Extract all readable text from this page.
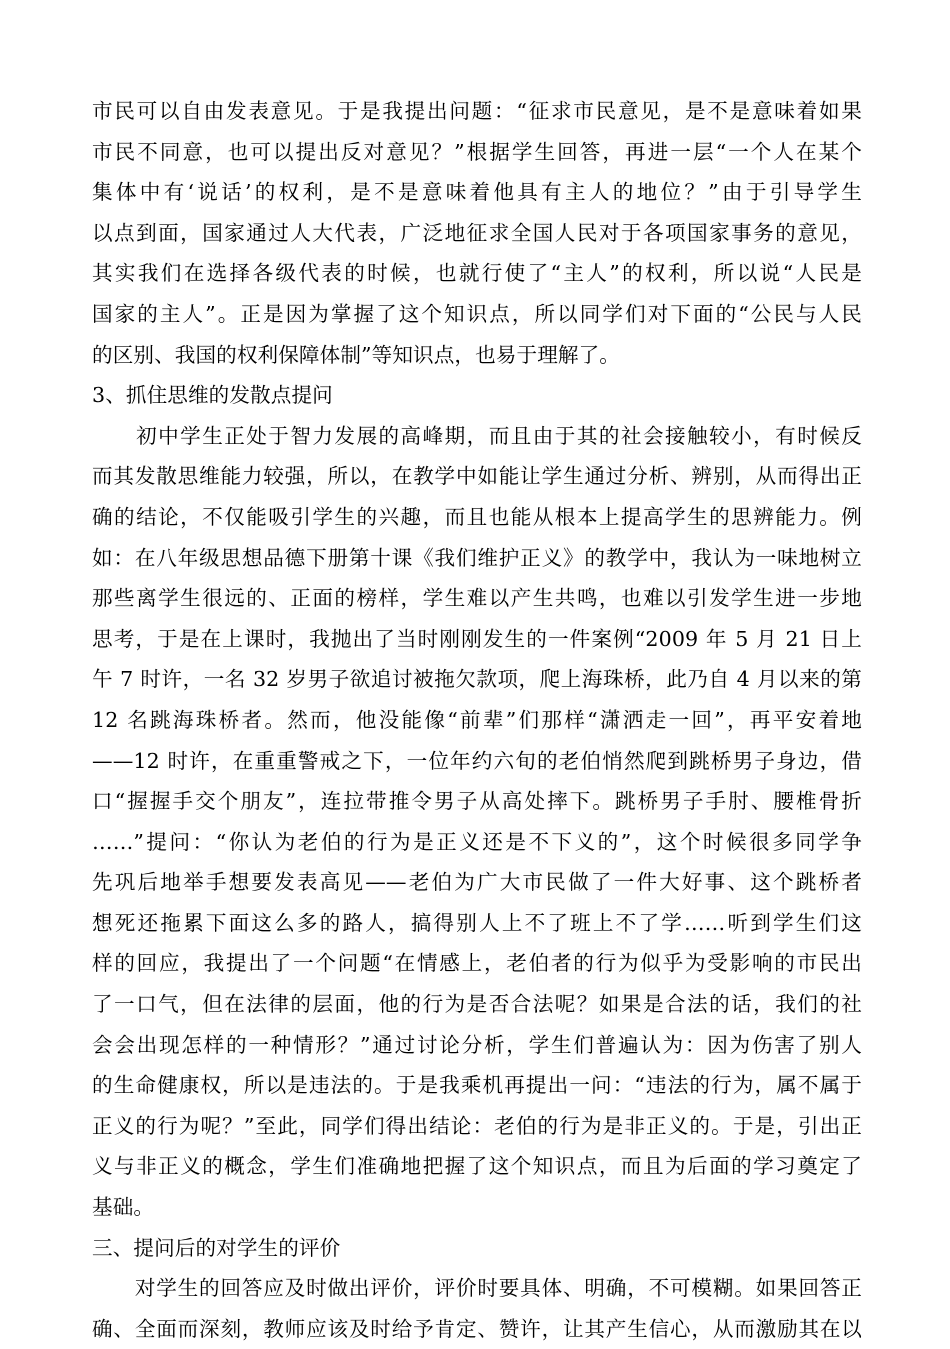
市民可以自由发表意见。于是我提出问题：“征求市民意见，是不是意味着如果
市民不同意，也可以提出反对意见？”根据学生回答，再进一层“一个人在某个
集体中有‘说话’的权利，是不是意味着他具有主人的地位？”由于引导学生
以点到面，国家通过人大代表，广泛地征求全国人民对于各项国家事务的意见，
其实我们在选择各级代表的时候，也就行使了“主人”的权利，所以说“人民是
国家的主人”。正是因为掌握了这个知识点，所以同学们对下面的“公民与人民
的区别、我国的权利保障体制”等知识点，也易于理解了。
3、抓住思维的发散点提问
　　初中学生正处于智力发展的高峰期，而且由于其的社会接触较小，有时候反
而其发散思维能力较强，所以，在教学中如能让学生通过分析、辨别，从而得出正
确的结论，不仅能吸引学生的兴趣，而且也能从根本上提高学生的思辨能力。例
如：在八年级思想品德下册第十课《我们维护正义》的教学中，我认为一味地树立
那些离学生很远的、正面的榜样，学生难以产生共鸣，也难以引发学生进一步地
思考，于是在上课时，我抛出了当时刚刚发生的一件案例“2009 年 5 月 21 日上
午 7 时许，一名 32 岁男子欲追讨被拖欠款项，爬上海珠桥，此乃自 4 月以来的第
12 名跳海珠桥者。然而，他没能像“前辈”们那样“潇洒走一回”，再平安着地
——12 时许，在重重警戒之下，一位年约六旬的老伯悄然爬到跳桥男子身边，借
口“握握手交个朋友”，连拉带推令男子从高处摔下。跳桥男子手肘、腰椎骨折
……”提问：“你认为老伯的行为是正义还是不下义的”，这个时候很多同学争
先巩后地举手想要发表高见——老伯为广大市民做了一件大好事、这个跳桥者
想死还拖累下面这么多的路人，搞得别人上不了班上不了学……听到学生们这
样的回应，我提出了一个问题“在情感上，老伯者的行为似乎为受影响的市民出
了一口气，但在法律的层面，他的行为是否合法呢？如果是合法的话，我们的社
会会出现怎样的一种情形？”通过讨论分析，学生们普遍认为：因为伤害了别人
的生命健康权，所以是违法的。于是我乘机再提出一问：“违法的行为，属不属于
正义的行为呢？”至此，同学们得出结论：老伯的行为是非正义的。于是，引出正
义与非正义的概念，学生们准确地把握了这个知识点，而且为后面的学习奠定了
基础。
三、提问后的对学生的评价
　　对学生的回答应及时做出评价，评价时要具体、明确，不可模糊。如果回答正
确、全面而深刻，教师应该及时给予肯定、赞许，让其产生信心，从而激励其在以
